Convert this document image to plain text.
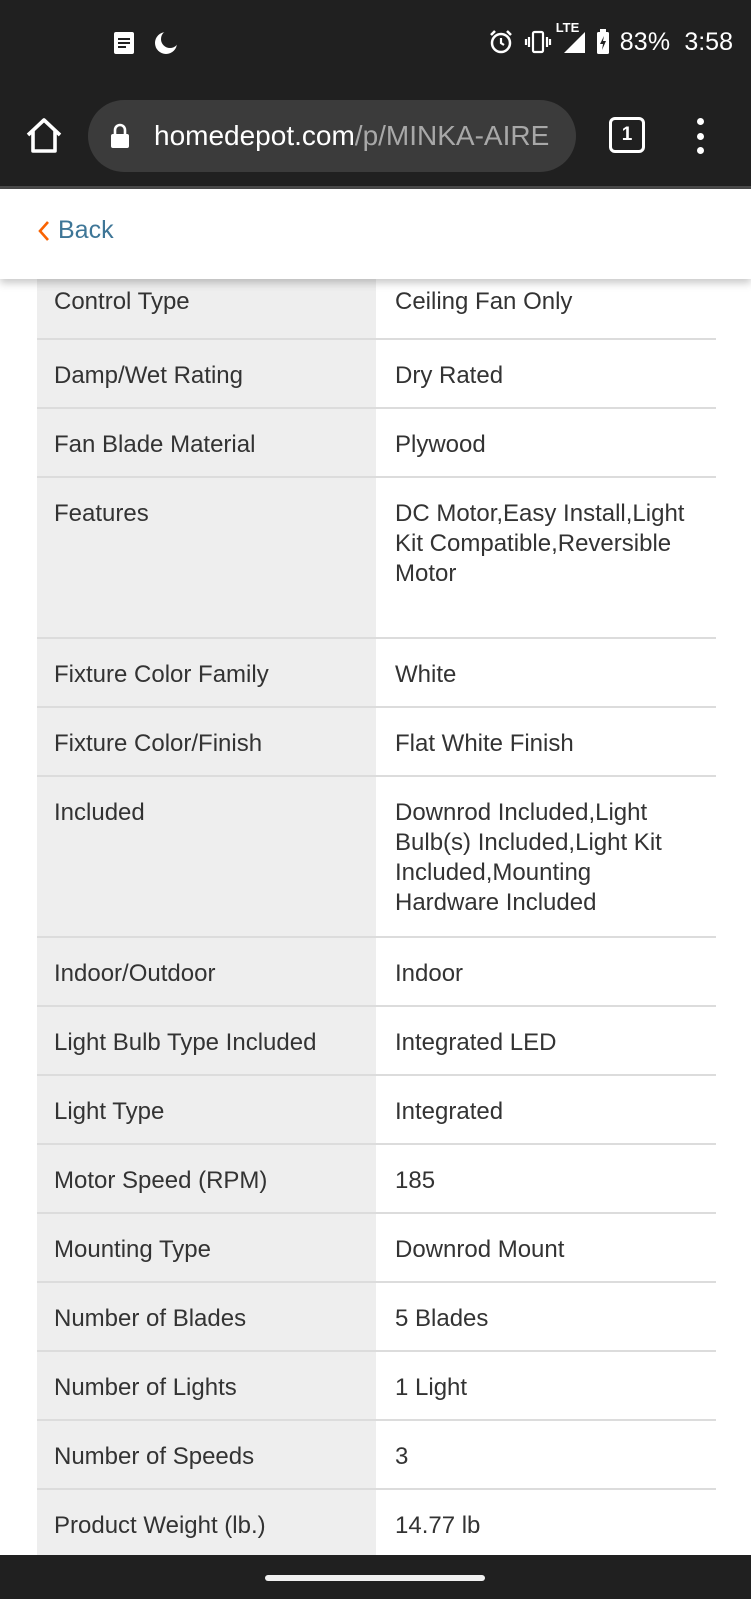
LTE 83% 3:58
homedepot.com/p/MINKA-AIRE	1
Back
Control Type	Ceiling Fan Only
Damp/Wet Rating	Dry Rated
Fan Blade Material	Plywood
Features	DC Motor,Easy Install,Light Kit Compatible,Reversible Motor
Fixture Color Family	White
Fixture Color/Finish	Flat White Finish
Included	Downrod Included,Light Bulb(s) Included,Light Kit Included,Mounting Hardware Included
Indoor/Outdoor	Indoor
Light Bulb Type Included	Integrated LED
Light Type	Integrated
Motor Speed (RPM)	185
Mounting Type	Downrod Mount
Number of Blades	5 Blades
Number of Lights	1 Light
Number of Speeds	3
Product Weight (lb.)	14.77 lb
